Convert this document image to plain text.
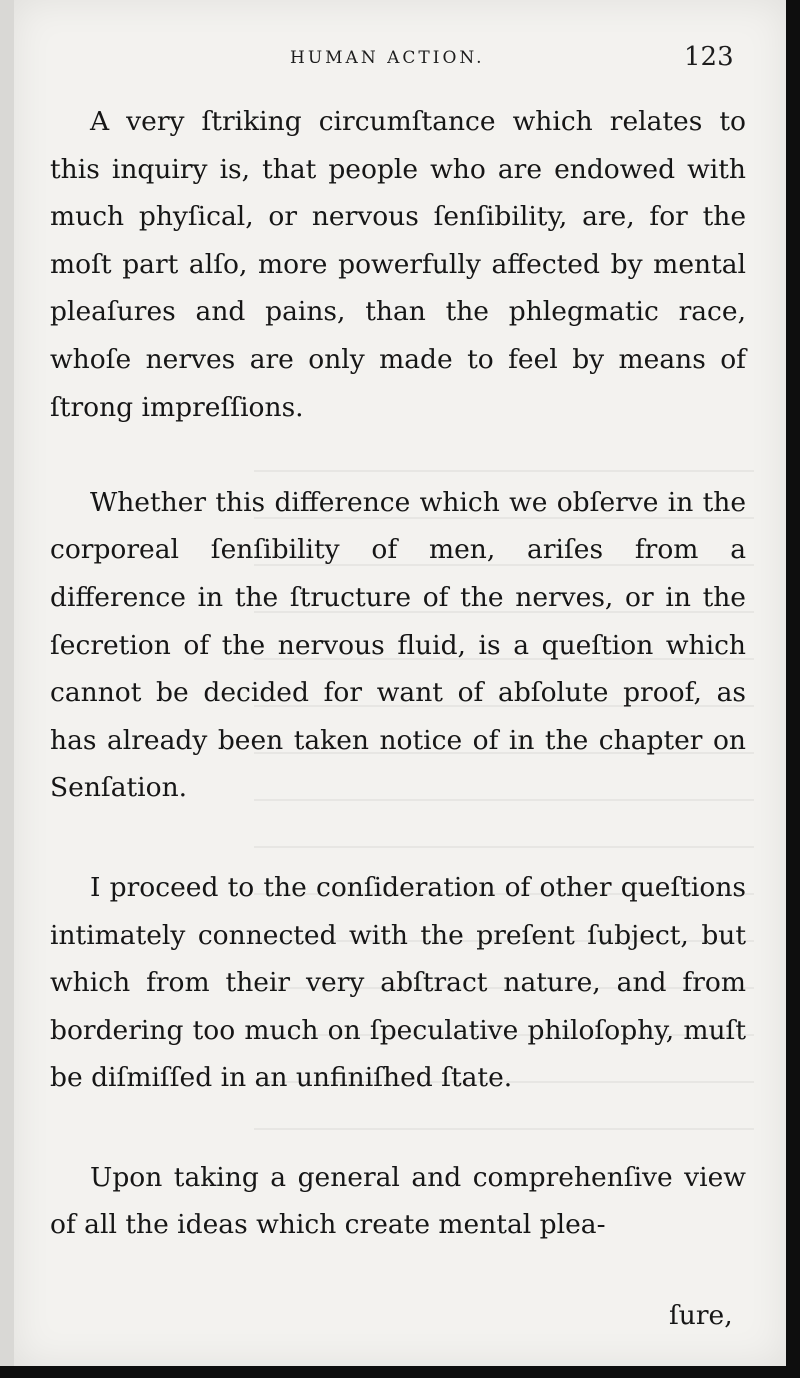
HUMAN ACTION.	123

A very ſtriking circumſtance which relates to this inquiry is, that people who are endowed with much phyſical, or nervous ſenſibility, are, for the moſt part alſo, more powerfully affected by mental pleaſures and pains, than the phlegmatic race, whoſe nerves are only made to feel by means of ſtrong impreſſions.

Whether this difference which we obſerve in the corporeal ſenſibility of men, ariſes from a difference in the ſtructure of the nerves, or in the ſecretion of the nervous fluid, is a queſtion which cannot be decided for want of abſolute proof, as has already been taken notice of in the chapter on Senſation.

I proceed to the conſideration of other queſtions intimately connected with the preſent ſubject, but which from their very abſtract nature, and from bordering too much on ſpeculative philoſophy, muſt be diſmiſſed in an unfiniſhed ſtate.

Upon taking a general and comprehenſive view of all the ideas which create mental plea-

ſure,
